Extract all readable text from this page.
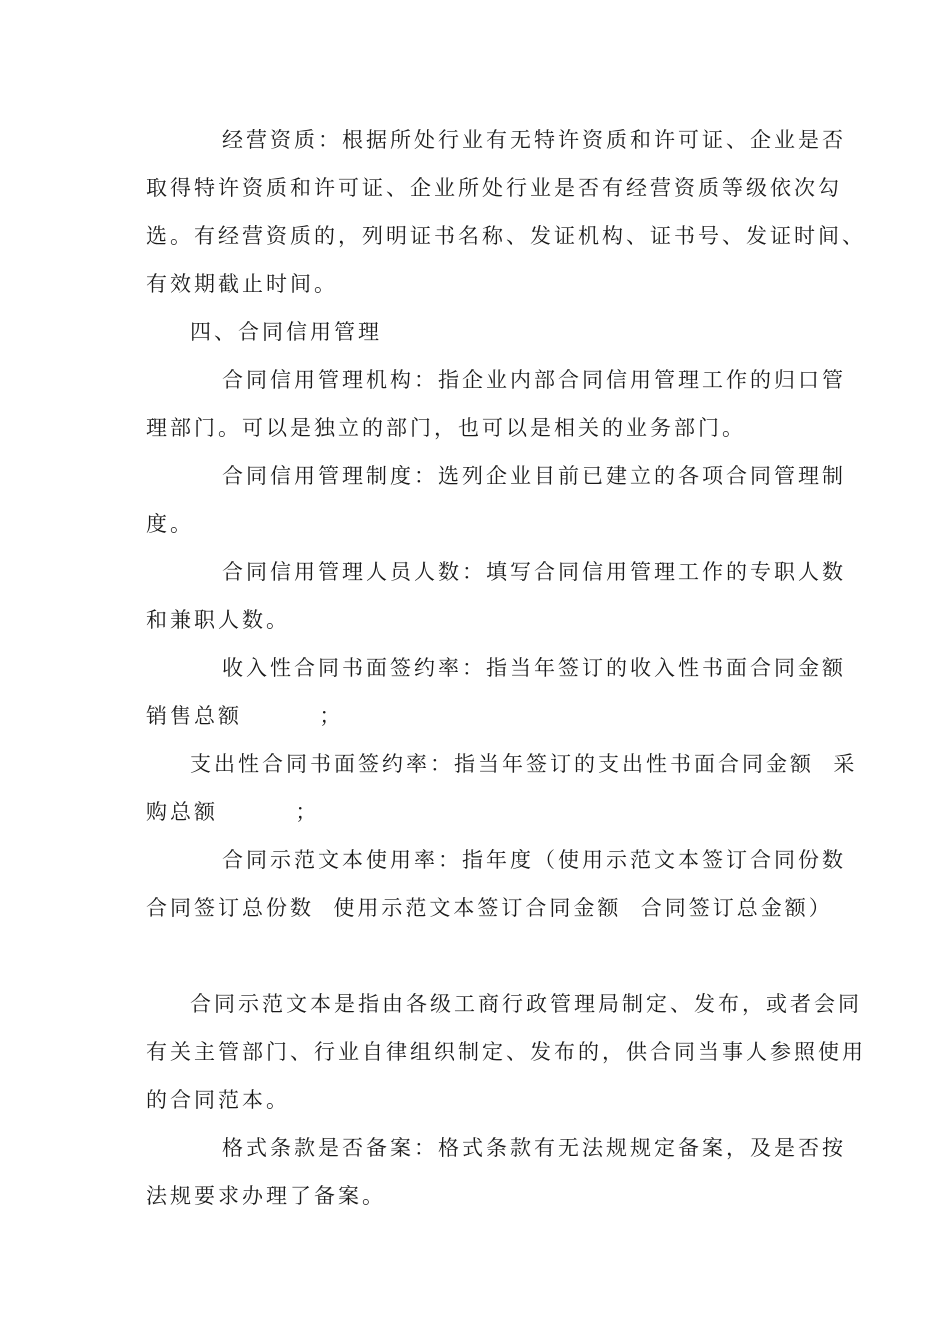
经营资质：根据所处行业有无特许资质和许可证、企业是否
取得特许资质和许可证、企业所处行业是否有经营资质等级依次勾
选。有经营资质的，列明证书名称、发证机构、证书号、发证时间、
有效期截止时间。
四、合同信用管理
合同信用管理机构：指企业内部合同信用管理工作的归口管
理部门。可以是独立的部门，也可以是相关的业务部门。
合同信用管理制度：选列企业目前已建立的各项合同管理制
度。
合同信用管理人员人数：填写合同信用管理工作的专职人数
和兼职人数。
收入性合同书面签约率：指当年签订的收入性书面合同金额
销售总额        ；
支出性合同书面签约率：指当年签订的支出性书面合同金额  采
购总额        ；
合同示范文本使用率：指年度（使用示范文本签订合同份数
合同签订总份数  使用示范文本签订合同金额  合同签订总金额）
合同示范文本是指由各级工商行政管理局制定、发布，或者会同
有关主管部门、行业自律组织制定、发布的，供合同当事人参照使用
的合同范本。
格式条款是否备案：格式条款有无法规规定备案，及是否按
法规要求办理了备案。
